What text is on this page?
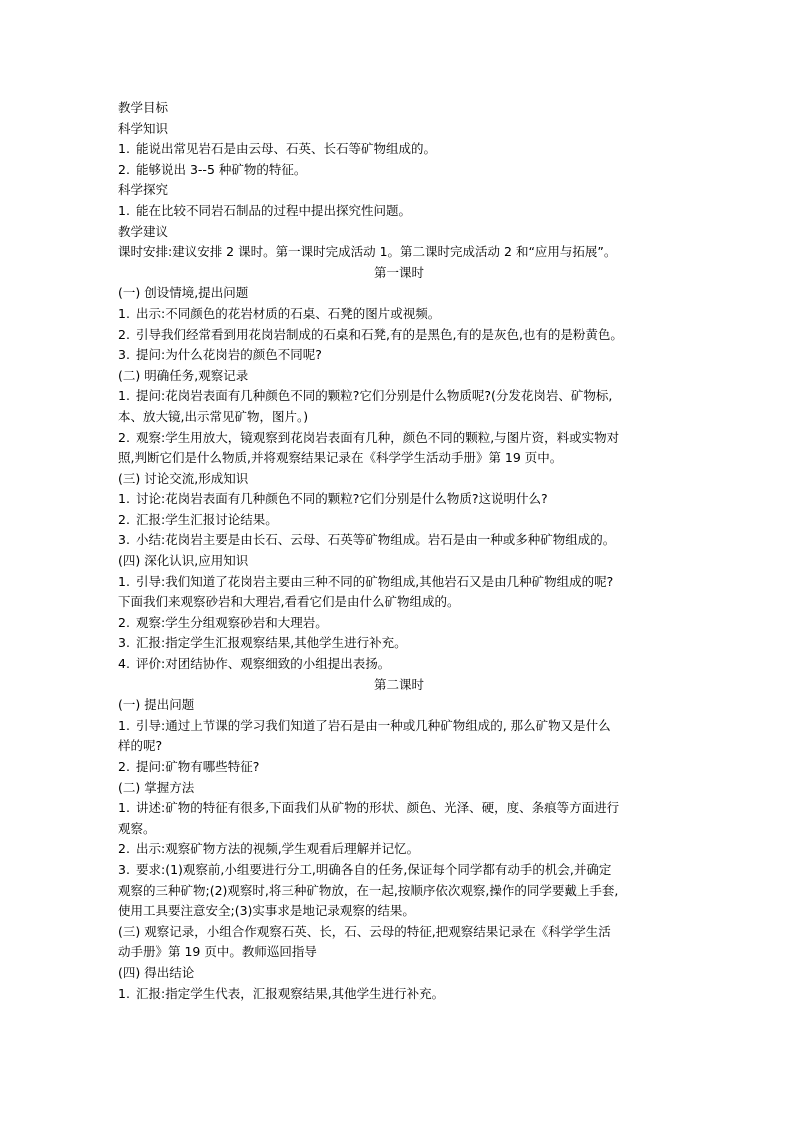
教学目标
科学知识
1. 能说出常见岩石是由云母、石英、长石等矿物组成的。
2. 能够说出 3--5 种矿物的特征。
科学探究
1. 能在比较不同岩石制品的过程中提出探究性问题。
教学建议
课时安排:建议安排 2 课时。第一课时完成活动 1。第二课时完成活动 2 和“应用与拓展”。
第一课时
(一) 创设情境,提出问题
1. 出示:不同颜色的花岩材质的石桌、石凳的图片或视频。
2. 引导我们经常看到用花岗岩制成的石桌和石凳,有的是黑色,有的是灰色,也有的是粉黄色。
3. 提问:为什么花岗岩的颜色不同呢?
(二) 明确任务,观察记录
1. 提问:花岗岩表面有几种颜色不同的颗粒?它们分别是什么物质呢?(分发花岗岩、矿物标,
本、放大镜,出示常见矿物，图片。)
2. 观察:学生用放大，镜观察到花岗岩表面有几种，颜色不同的颗粒,与图片资，料或实物对
照,判断它们是什么物质,并将观察结果记录在《科学学生活动手册》第 19 页中。
(三) 讨论交流,形成知识
1. 讨论:花岗岩表面有几种颜色不同的颗粒?它们分别是什么物质?这说明什么?
2. 汇报:学生汇报讨论结果。
3. 小结:花岗岩主要是由长石、云母、石英等矿物组成。岩石是由一种或多种矿物组成的。
(四) 深化认识,应用知识
1. 引导:我们知道了花岗岩主要由三种不同的矿物组成,其他岩石又是由几种矿物组成的呢?
下面我们来观察砂岩和大理岩,看看它们是由什么矿物组成的。
2. 观察:学生分组观察砂岩和大理岩。
3. 汇报:指定学生汇报观察结果,其他学生进行补充。
4. 评价:对团结协作、观察细致的小组提出表扬。
第二课时
(一) 提出问题
1. 引导:通过上节课的学习我们知道了岩石是由一种或几种矿物组成的, 那么矿物又是什么
样的呢?
2. 提问:矿物有哪些特征?
(二) 掌握方法
1. 讲述:矿物的特征有很多,下面我们从矿物的形状、颜色、光泽、硬，度、条痕等方面进行
观察。
2. 出示:观察矿物方法的视频,学生观看后理解并记忆。
3. 要求:(1)观察前,小组要进行分工,明确各自的任务,保证每个同学都有动手的机会,并确定
观察的三种矿物;(2)观察时,将三种矿物放，在一起,按顺序依次观察,操作的同学要戴上手套,
使用工具要注意安全;(3)实事求是地记录观察的结果。
(三) 观察记录，小组合作观察石英、长，石、云母的特征,把观察结果记录在《科学学生活
动手册》第 19 页中。教师巡回指导
(四) 得出结论
1. 汇报:指定学生代表，汇报观察结果,其他学生进行补充。
